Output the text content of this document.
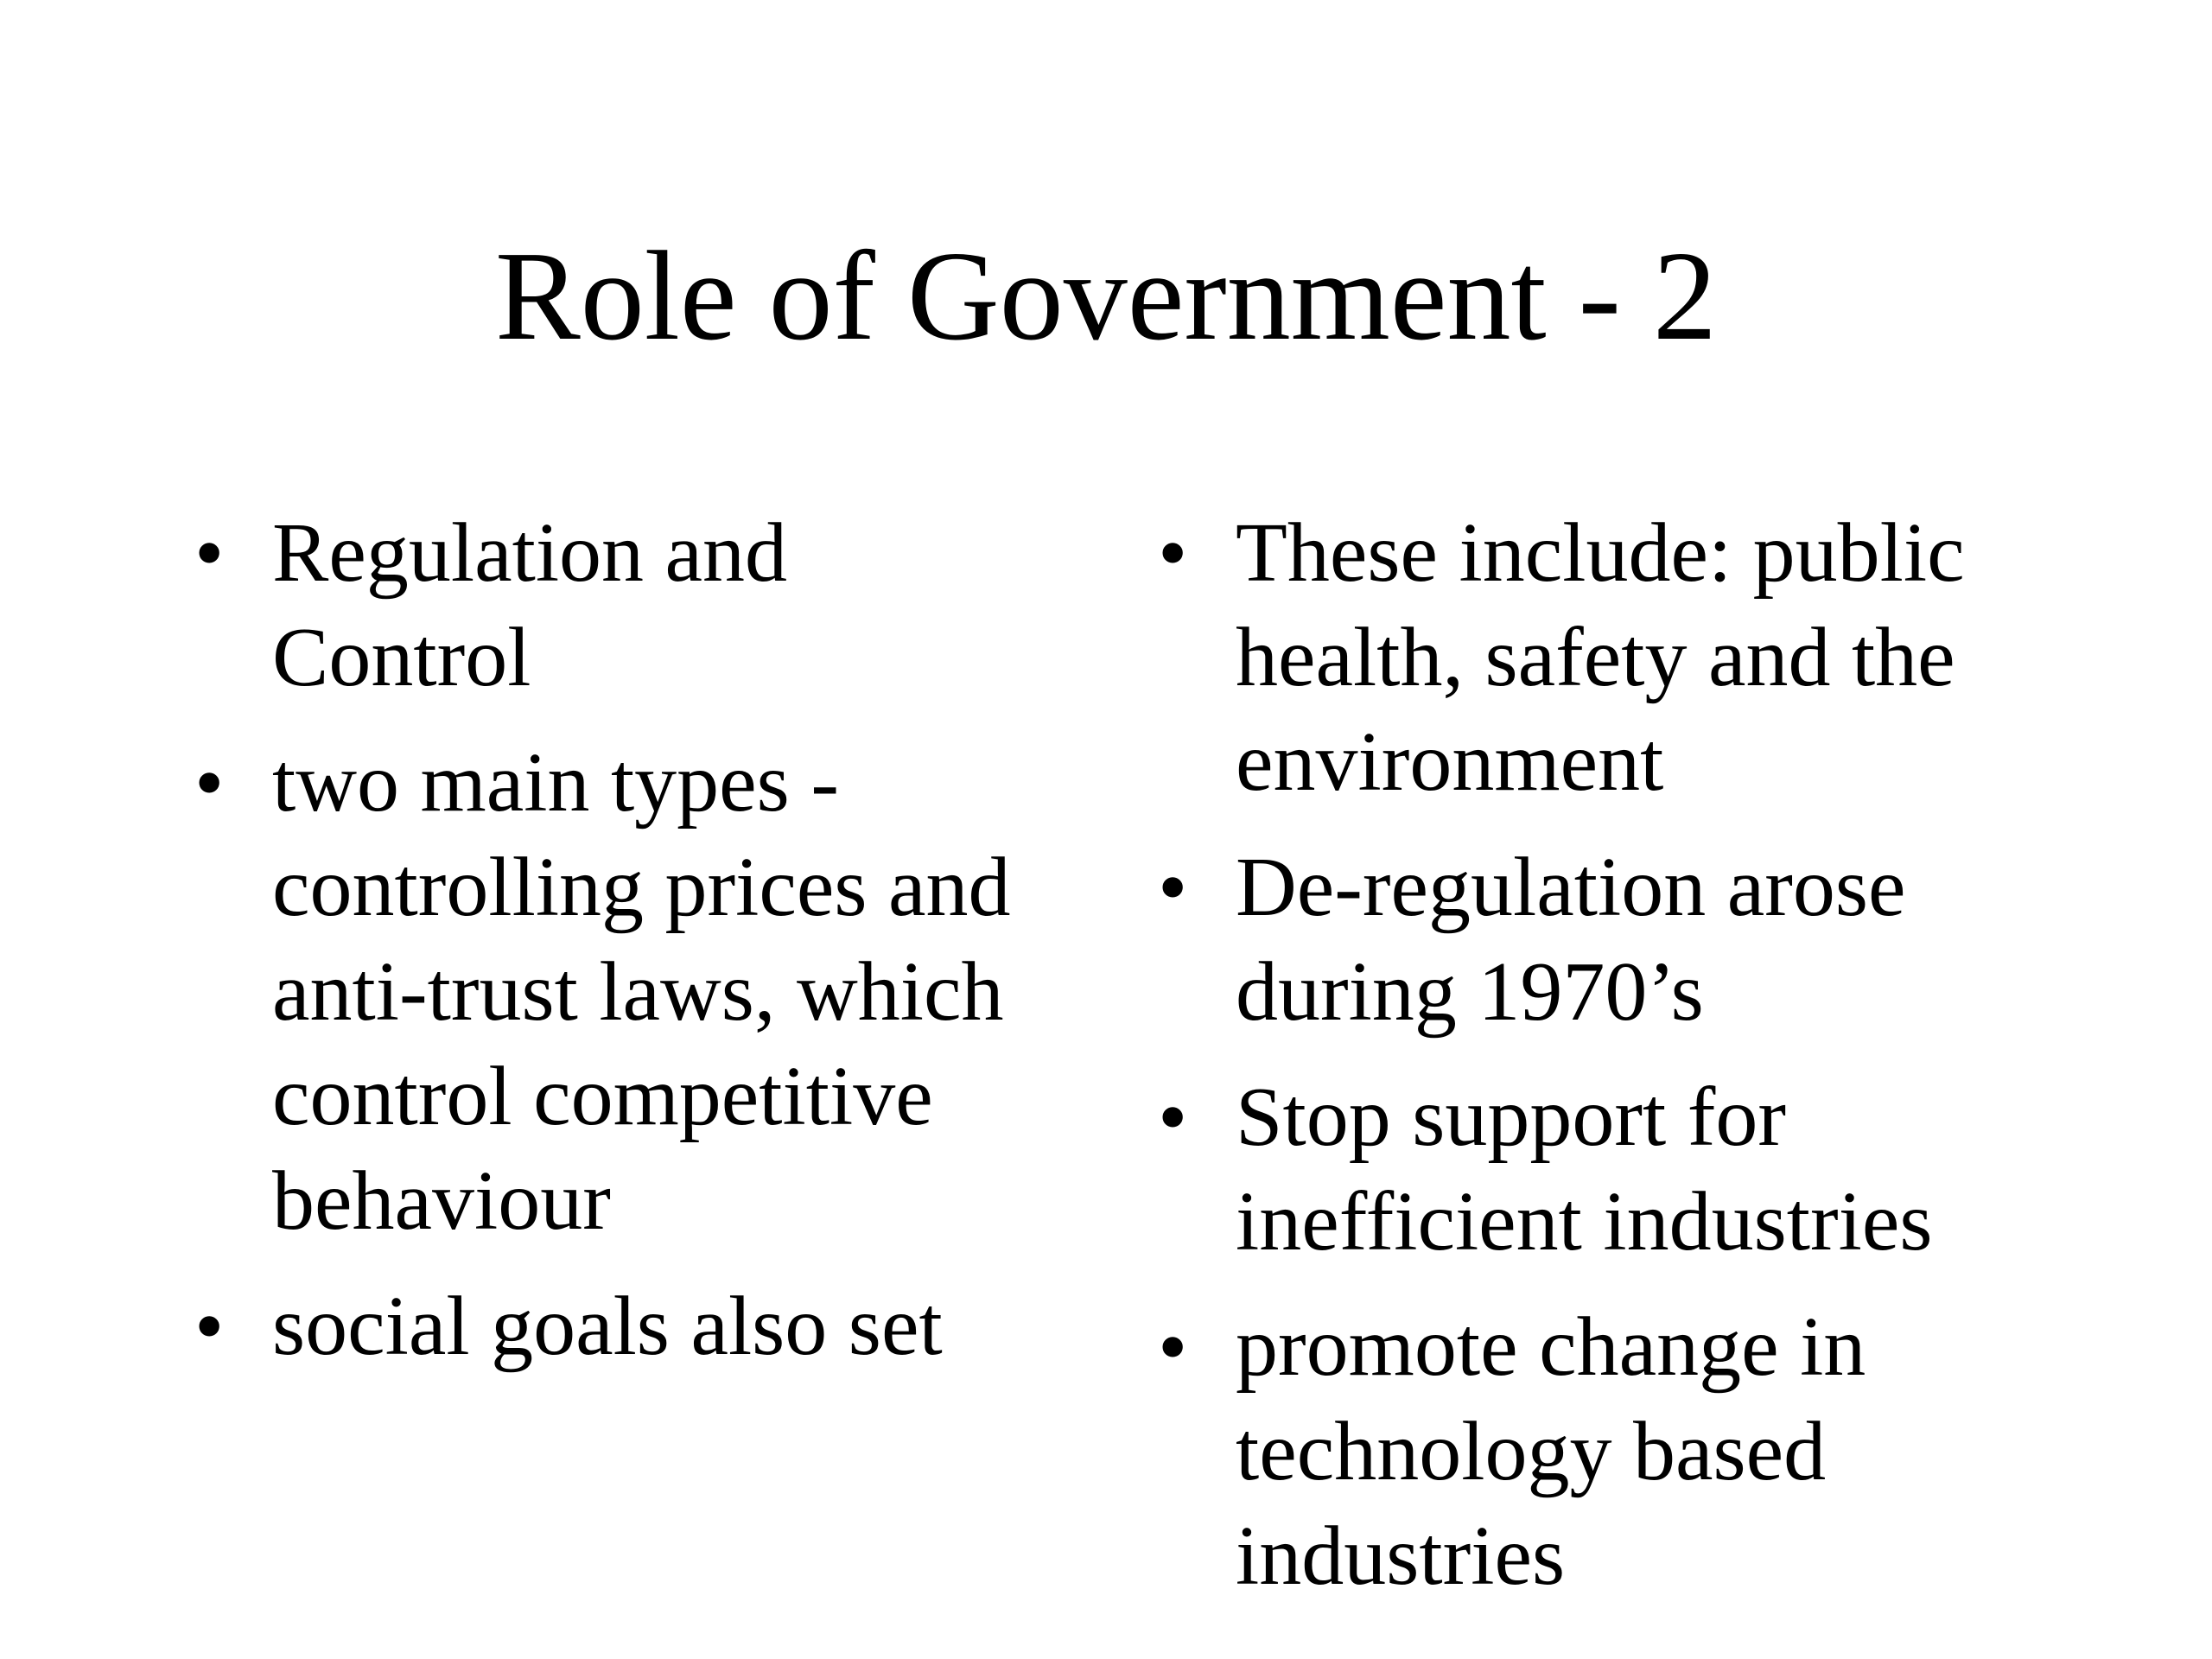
Role of Government - 2
• Regulation and Control
• two main types - controlling prices and anti-trust laws, which control competitive behaviour
• social goals also set
• These include: public health, safety and the environment
• De-regulation arose during 1970’s
• Stop support for inefficient industries
• promote change in technology based industries
